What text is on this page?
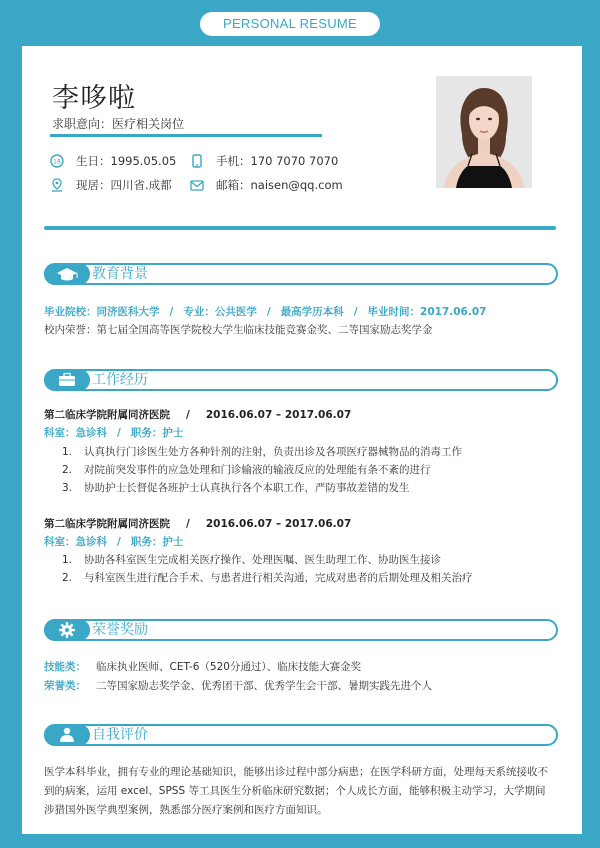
PERSONAL RESUME
李哆啦
求职意向：医疗相关岗位
18 生日：1995.05.05	手机：170 7070 7070
现居：四川省.成都	邮箱：naisen@qq.com
教育背景
毕业院校：同济医科大学 / 专业：公共医学 / 最高学历本科 / 毕业时间：2017.06.07
校内荣誉：第七届全国高等医学院校大学生临床技能竞赛金奖、二等国家励志奖学金
工作经历
第二临床学院附属同济医院 / 2016.06.07 – 2017.06.07
科室：急诊科 / 职务：护士
1. 认真执行门诊医生处方各种针剂的注射，负责出诊及各项医疗器械物品的消毒工作
2. 对院前突发事件的应急处理和门诊输液的输液反应的处理能有条不紊的进行
3. 协助护士长督促各班护士认真执行各个本职工作，严防事故差错的发生
第二临床学院附属同济医院 / 2016.06.07 – 2017.06.07
科室：急诊科 / 职务：护士
1. 协助各科室医生完成相关医疗操作、处理医嘱、医生助理工作、协助医生接诊
2. 与科室医生进行配合手术、与患者进行相关沟通，完成对患者的后期处理及相关治疗
荣誉奖励
技能类： 临床执业医师、CET-6（520分通过）、临床技能大赛金奖
荣誉类： 二等国家励志奖学金、优秀团干部、优秀学生会干部、暑期实践先进个人
自我评价
医学本科毕业，拥有专业的理论基础知识，能够出诊过程中部分病患；在医学科研方面，处理每天系统接收不到的病案，运用 excel、SPSS 等工具医生分析临床研究数据；个人成长方面，能够积极主动学习，大学期间涉猎国外医学典型案例，熟悉部分医疗案例和医疗方面知识。
